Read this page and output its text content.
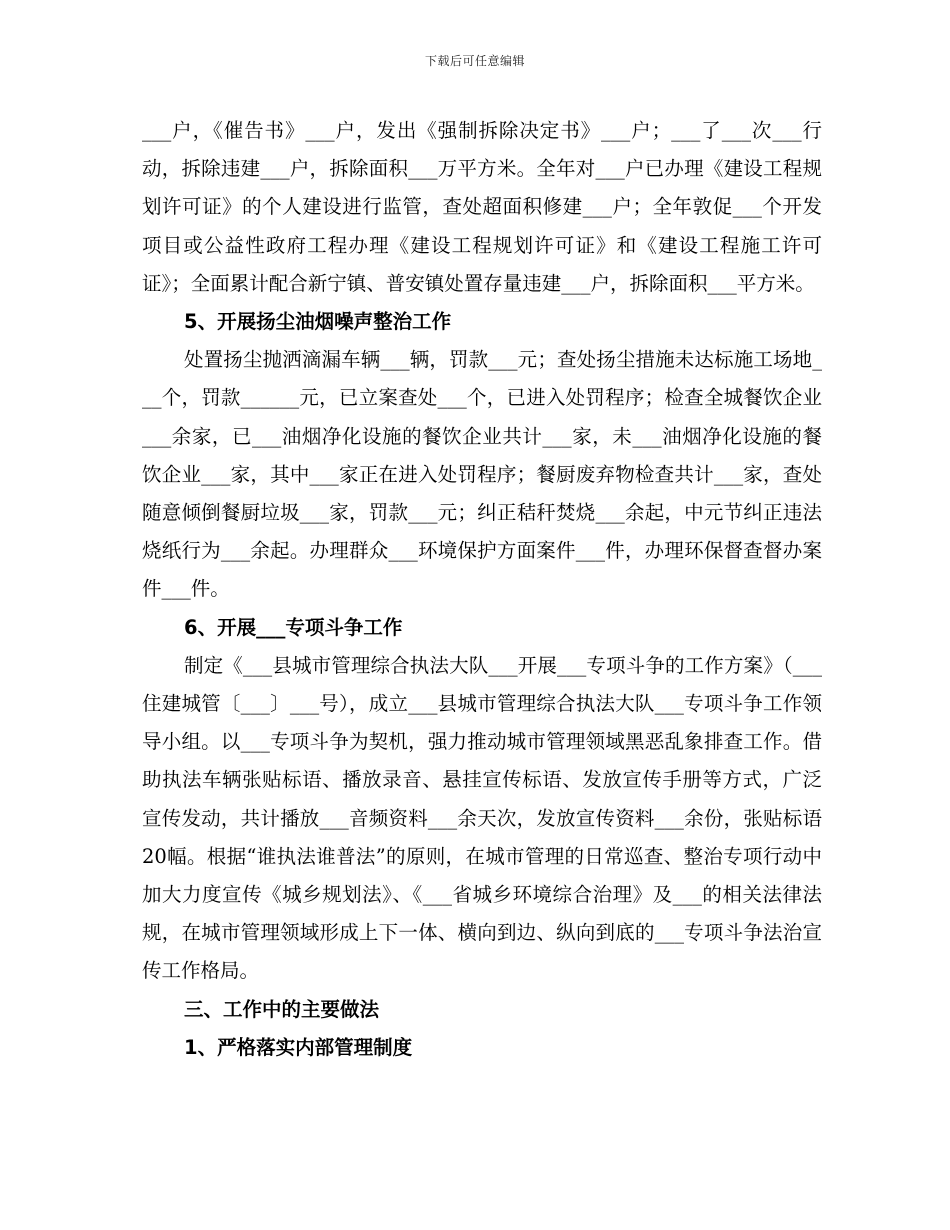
下载后可任意编辑

___户，《催告书》___户，发出《强制拆除决定书》___户；___了___次___行动，拆除违建___户，拆除面积___万平方米。全年对___户已办理《建设工程规划许可证》的个人建设进行监管，查处超面积修建___户；全年敦促___个开发项目或公益性政府工程办理《建设工程规划许可证》和《建设工程施工许可证》；全面累计配合新宁镇、普安镇处置存量违建___户，拆除面积___平方米。

5、开展扬尘油烟噪声整治工作

处置扬尘抛洒滴漏车辆___辆，罚款___元；查处扬尘措施未达标施工场地___个，罚款______元，已立案查处___个，已进入处罚程序；检查全城餐饮企业___余家，已___油烟净化设施的餐饮企业共计___家，未___油烟净化设施的餐饮企业___家，其中___家正在进入处罚程序；餐厨废弃物检查共计___家，查处随意倾倒餐厨垃圾___家，罚款___元；纠正秸秆焚烧___余起，中元节纠正违法烧纸行为___余起。办理群众___环境保护方面案件___件，办理环保督查督办案件___件。

6、开展___专项斗争工作

制定《___县城市管理综合执法大队___开展___专项斗争的工作方案》（___住建城管〔___〕___号），成立___县城市管理综合执法大队___专项斗争工作领导小组。以___专项斗争为契机，强力推动城市管理领域黑恶乱象排查工作。借助执法车辆张贴标语、播放录音、悬挂宣传标语、发放宣传手册等方式，广泛宣传发动，共计播放___音频资料___余天次，发放宣传资料___余份，张贴标语20幅。根据“谁执法谁普法”的原则，在城市管理的日常巡查、整治专项行动中加大力度宣传《城乡规划法》、《___省城乡环境综合治理》及___的相关法律法规，在城市管理领域形成上下一体、横向到边、纵向到底的___专项斗争法治宣传工作格局。

三、工作中的主要做法

1、严格落实内部管理制度
